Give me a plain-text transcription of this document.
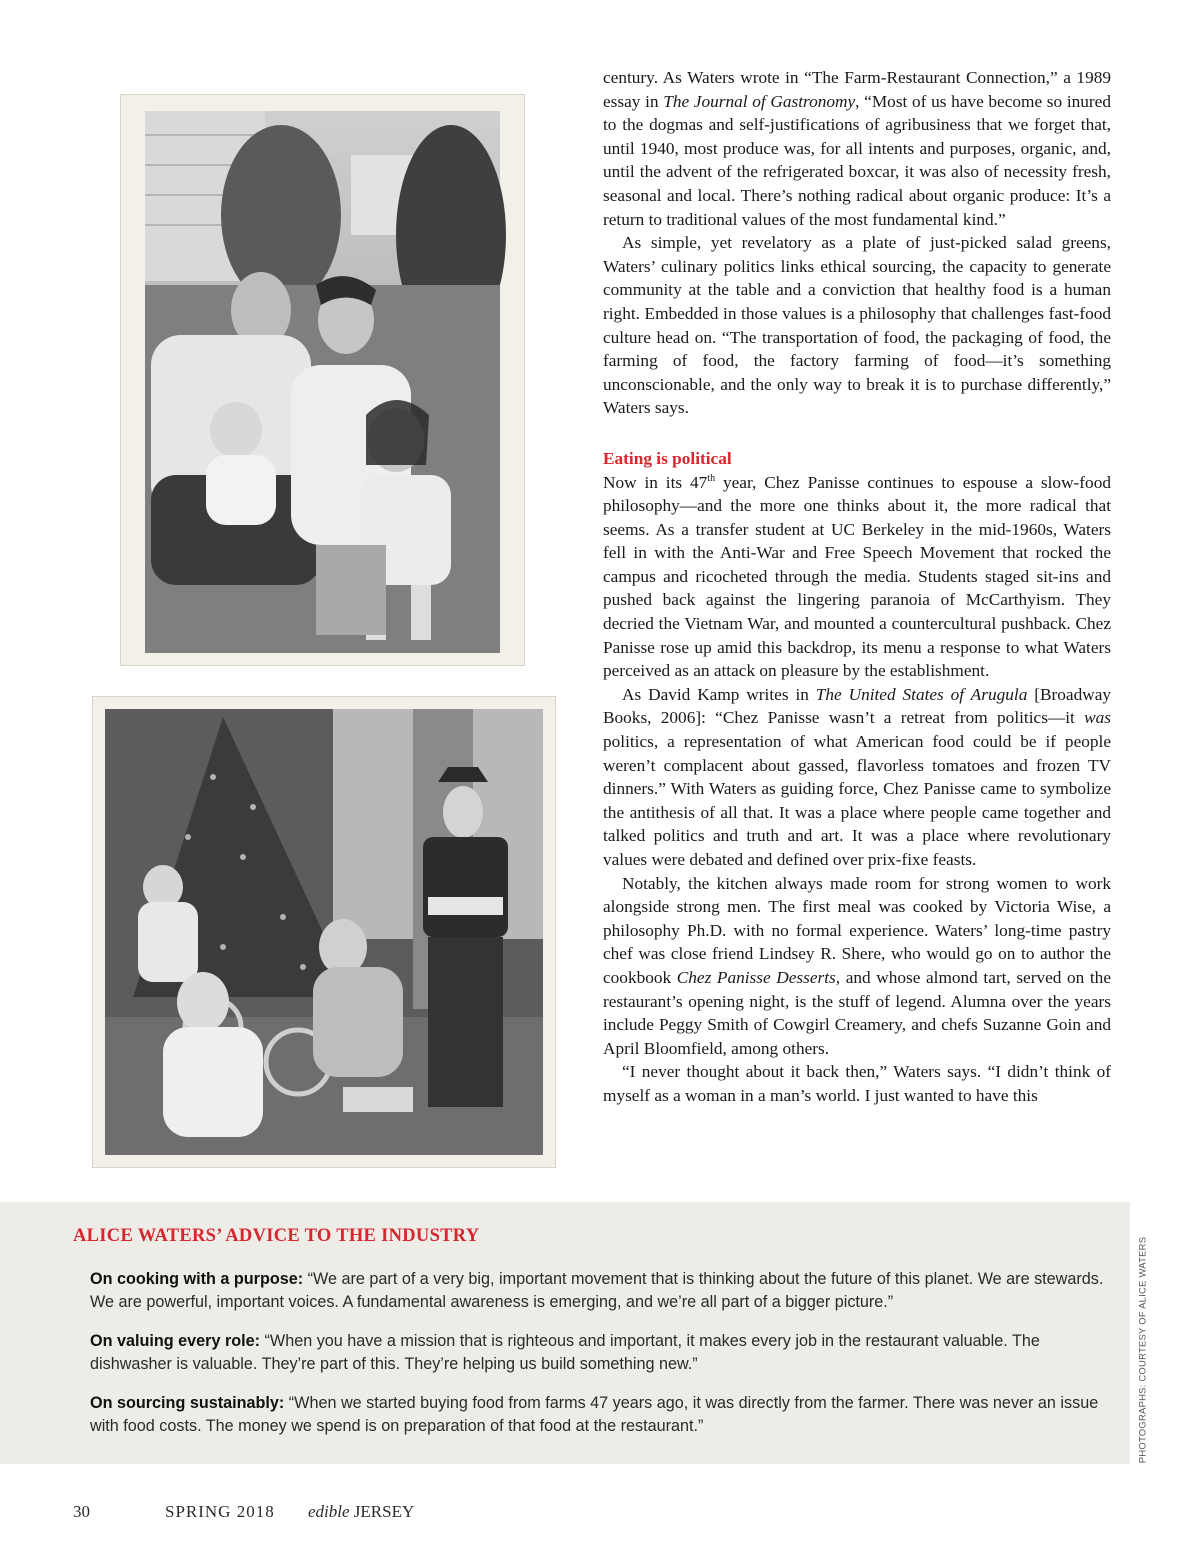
century. As Waters wrote in “The Farm-Restaurant Connection,” a 1989 essay in The Journal of Gastronomy, “Most of us have become so inured to the dogmas and self-justifications of agribusiness that we forget that, until 1940, most produce was, for all intents and purposes, organic, and, until the advent of the refrigerated boxcar, it was also of necessity fresh, seasonal and local. There’s nothing radical about organic produce: It’s a return to traditional values of the most fundamental kind.”

As simple, yet revelatory as a plate of just-picked salad greens, Waters’ culinary politics links ethical sourcing, the capacity to generate community at the table and a conviction that healthy food is a human right. Embedded in those values is a philosophy that challenges fast-food culture head on. “The transportation of food, the packaging of food, the farming of food, the factory farming of food—it’s something unconscionable, and the only way to break it is to purchase differently,” Waters says.

Eating is political

Now in its 47th year, Chez Panisse continues to espouse a slow-food philosophy—and the more one thinks about it, the more radical that seems. As a transfer student at UC Berkeley in the mid-1960s, Waters fell in with the Anti-War and Free Speech Movement that rocked the campus and ricocheted through the media. Students staged sit-ins and pushed back against the lingering paranoia of McCarthyism. They decried the Vietnam War, and mounted a countercultural pushback. Chez Panisse rose up amid this backdrop, its menu a response to what Waters perceived as an attack on pleasure by the establishment.

As David Kamp writes in The United States of Arugula [Broadway Books, 2006]: “Chez Panisse wasn’t a retreat from politics—it was politics, a representation of what American food could be if people weren’t complacent about gassed, flavorless tomatoes and frozen TV dinners.” With Waters as guiding force, Chez Panisse came to symbolize the antithesis of all that. It was a place where people came together and talked politics and truth and art. It was a place where revolutionary values were debated and defined over prix-fixe feasts.

Notably, the kitchen always made room for strong women to work alongside strong men. The first meal was cooked by Victoria Wise, a philosophy Ph.D. with no formal experience. Waters’ long-time pastry chef was close friend Lindsey R. Shere, who would go on to author the cookbook Chez Panisse Desserts, and whose almond tart, served on the restaurant’s opening night, is the stuff of legend. Alumna over the years include Peggy Smith of Cowgirl Creamery, and chefs Suzanne Goin and April Bloomfield, among others.

“I never thought about it back then,” Waters says. “I didn’t think of myself as a woman in a man’s world. I just wanted to have this

ALICE WATERS’ ADVICE TO THE INDUSTRY
On cooking with a purpose: “We are part of a very big, important movement that is thinking about the future of this planet. We are stewards. We are powerful, important voices. A fundamental awareness is emerging, and we’re all part of a bigger picture.”
On valuing every role: “When you have a mission that is righteous and important, it makes every job in the restaurant valuable. The dishwasher is valuable. They’re part of this. They’re helping us build something new.”
On sourcing sustainably: “When we started buying food from farms 47 years ago, it was directly from the farmer. There was never an issue with food costs. The money we spend is on preparation of that food at the restaurant.”	PHOTOGRAPHS: COURTESY OF ALICE WATERS
30	SPRING 2018 edible JERSEY
